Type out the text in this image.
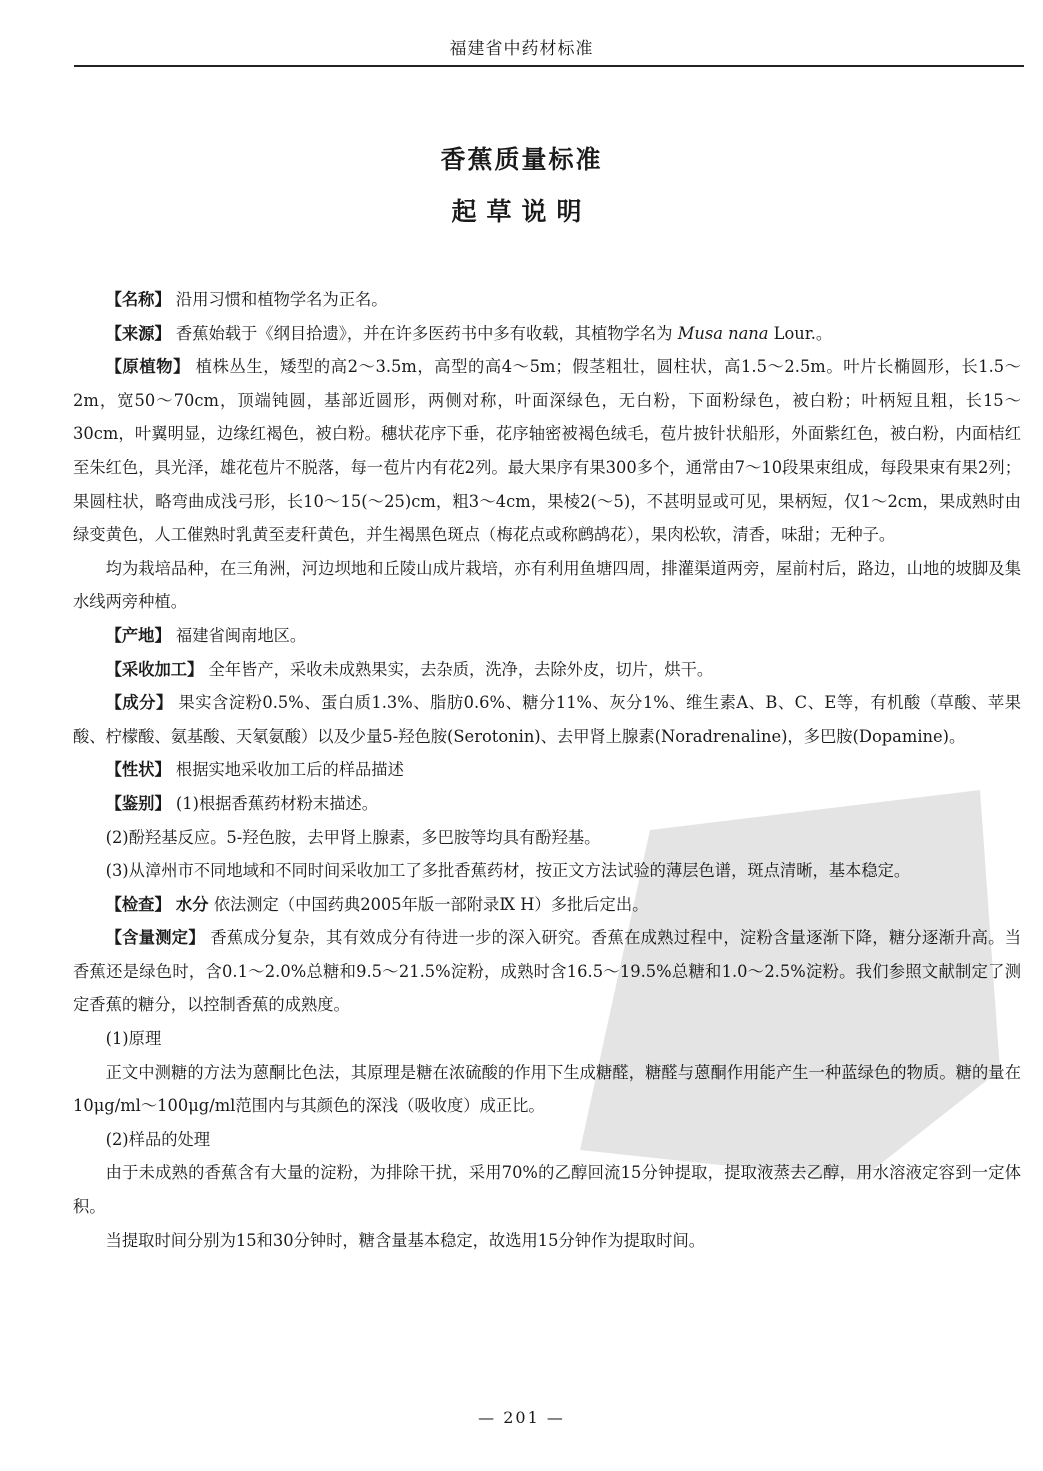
福建省中药材标准
香蕉质量标准
起草说明

【名称】 沿用习惯和植物学名为正名。

【来源】 香蕉始载于《纲目拾遗》，并在许多医药书中多有收载，其植物学名为 Musa nana Lour.。

【原植物】 植株丛生，矮型的高2～3.5m，高型的高4～5m；假茎粗壮，圆柱状，高1.5～2.5m。叶片长椭圆形，长1.5～2m，宽50～70cm，顶端钝圆，基部近圆形，两侧对称，叶面深绿色，无白粉，下面粉绿色，被白粉；叶柄短且粗，长15～30cm，叶翼明显，边缘红褐色，被白粉。穗状花序下垂，花序轴密被褐色绒毛，苞片披针状船形，外面紫红色，被白粉，内面桔红至朱红色，具光泽，雄花苞片不脱落，每一苞片内有花2列。最大果序有果300多个，通常由7～10段果束组成，每段果束有果2列；果圆柱状，略弯曲成浅弓形，长10～15(～25)cm，粗3～4cm，果棱2(～5)，不甚明显或可见，果柄短，仅1～2cm，果成熟时由绿变黄色，人工催熟时乳黄至麦秆黄色，并生褐黑色斑点（梅花点或称鹧鸪花），果肉松软，清香，味甜；无种子。

均为栽培品种，在三角洲，河边坝地和丘陵山成片栽培，亦有利用鱼塘四周，排灌渠道两旁，屋前村后，路边，山地的坡脚及集水线两旁种植。

【产地】 福建省闽南地区。

【采收加工】 全年皆产，采收未成熟果实，去杂质，洗净，去除外皮，切片，烘干。

【成分】 果实含淀粉0.5%、蛋白质1.3%、脂肪0.6%、糖分11%、灰分1%、维生素A、B、C、E等，有机酸（草酸、苹果酸、柠檬酸、氨基酸、天氡氨酸）以及少量5-羟色胺(Serotonin)、去甲肾上腺素(Noradrenaline)，多巴胺(Dopamine)。

【性状】 根据实地采收加工后的样品描述

【鉴别】 (1)根据香蕉药材粉末描述。

(2)酚羟基反应。5-羟色胺，去甲肾上腺素，多巴胺等均具有酚羟基。

(3)从漳州市不同地域和不同时间采收加工了多批香蕉药材，按正文方法试验的薄层色谱，斑点清晰，基本稳定。

【检查】 水分 依法测定（中国药典2005年版一部附录Ⅸ H）多批后定出。

【含量测定】 香蕉成分复杂，其有效成分有待进一步的深入研究。香蕉在成熟过程中，淀粉含量逐渐下降，糖分逐渐升高。当香蕉还是绿色时，含0.1～2.0%总糖和9.5～21.5%淀粉，成熟时含16.5～19.5%总糖和1.0～2.5%淀粉。我们参照文献制定了测定香蕉的糖分，以控制香蕉的成熟度。

(1)原理

正文中测糖的方法为蒽酮比色法，其原理是糖在浓硫酸的作用下生成糖醛，糖醛与蒽酮作用能产生一种蓝绿色的物质。糖的量在10μg/ml～100μg/ml范围内与其颜色的深浅（吸收度）成正比。

(2)样品的处理

由于未成熟的香蕉含有大量的淀粉，为排除干扰，采用70%的乙醇回流15分钟提取，提取液蒸去乙醇，用水溶液定容到一定体积。

当提取时间分别为15和30分钟时，糖含量基本稳定，故选用15分钟作为提取时间。

— 201 —
